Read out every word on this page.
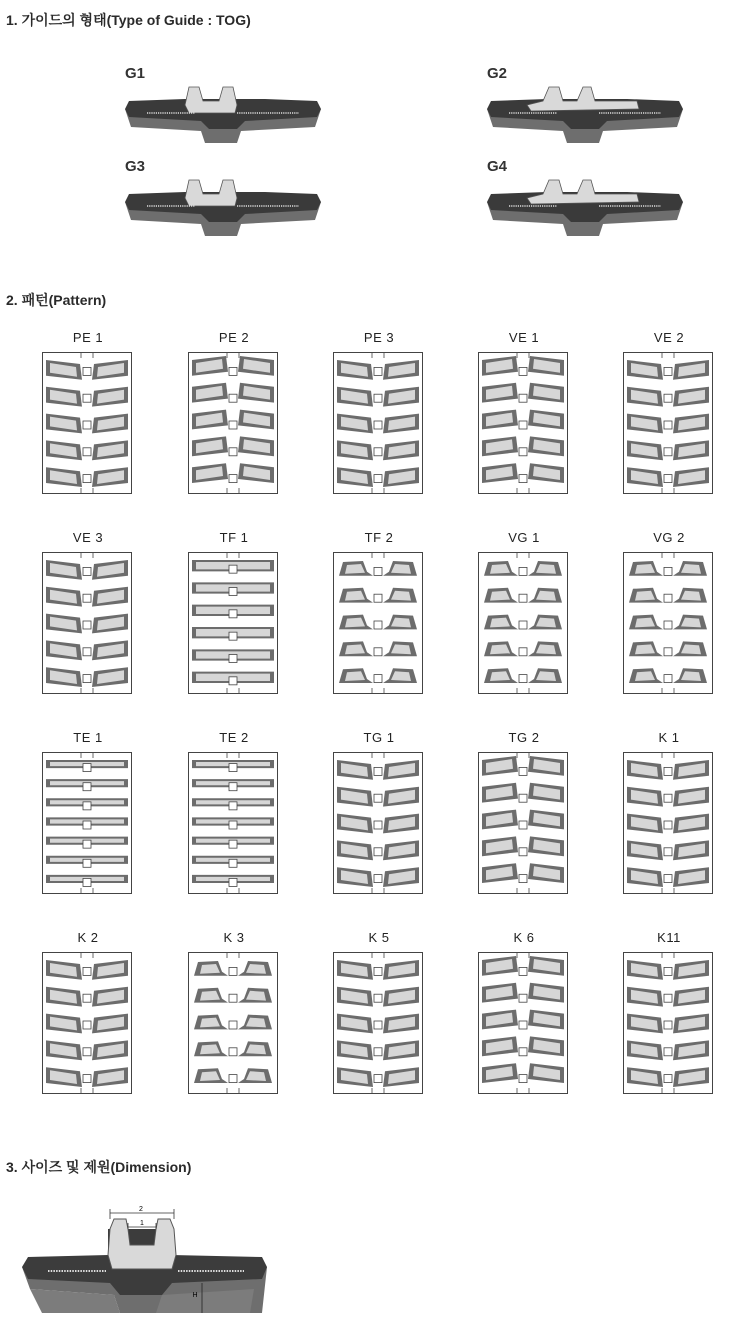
1. 가이드의 형태(Type of Guide : TOG)
2. 패턴(Pattern)
3. 사이즈 및 제원(Dimension)
G1	G2
G3	G4
PE 1	PE 2	PE 3	VE 1	VE 2
VE 3	TF 1	TF 2	VG 1	VG 2
TE 1	TE 2	TG 1	TG 2	K 1
K 2	K 3	K 5	K 6	K11
2
1
H
